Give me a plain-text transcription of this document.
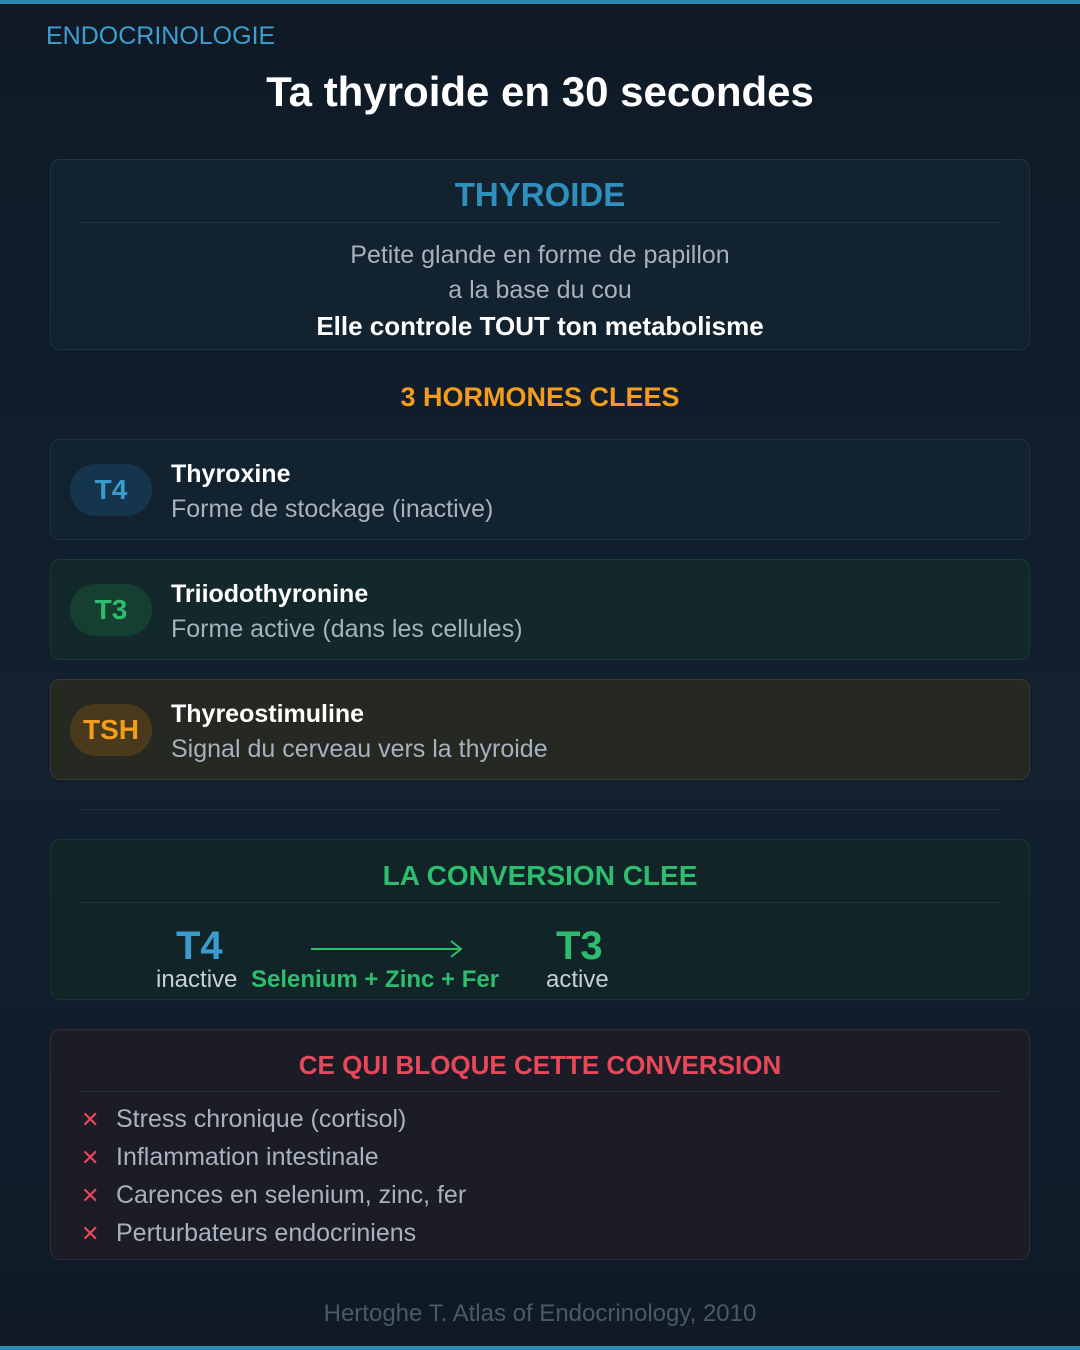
ENDOCRINOLOGIE
Ta thyroide en 30 secondes
THYROIDE
Petite glande en forme de papillon
a la base du cou
Elle controle TOUT ton metabolisme
3 HORMONES CLEES
T4	Thyroxine
Forme de stockage (inactive)
T3	Triiodothyronine
Forme active (dans les cellules)
TSH	Thyreostimuline
Signal du cerveau vers la thyroide
LA CONVERSION CLEE
T4	T3
inactive Selenium + Zinc + Fer active
CE QUI BLOQUE CETTE CONVERSION
✕ Stress chronique (cortisol)
✕ Inflammation intestinale
✕ Carences en selenium, zinc, fer
✕ Perturbateurs endocriniens
Hertoghe T. Atlas of Endocrinology, 2010
